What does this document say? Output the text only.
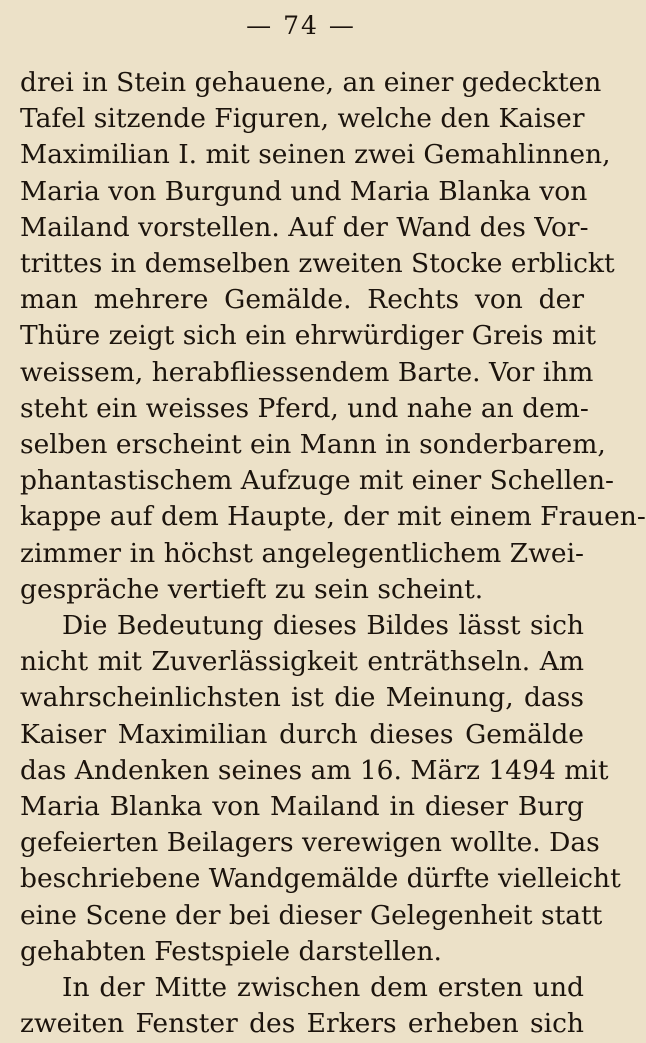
— 74 —
drei in Stein gehauene, an einer gedeckten
Tafel sitzende Figuren, welche den Kaiser
Maximilian I. mit seinen zwei Gemahlinnen,
Maria von Burgund und Maria Blanka von
Mailand vorstellen. Auf der Wand des Vor-
trittes in demselben zweiten Stocke erblickt
man mehrere Gemälde. Rechts von der
Thüre zeigt sich ein ehrwürdiger Greis mit
weissem, herabfliessendem Barte. Vor ihm
steht ein weisses Pferd, und nahe an dem-
selben erscheint ein Mann in sonderbarem,
phantastischem Aufzuge mit einer Schellen-
kappe auf dem Haupte, der mit einem Frauen-
zimmer in höchst angelegentlichem Zwei-
gespräche vertieft zu sein scheint.
Die Bedeutung dieses Bildes lässt sich
nicht mit Zuverlässigkeit enträthseln. Am
wahrscheinlichsten ist die Meinung, dass
Kaiser Maximilian durch dieses Gemälde
das Andenken seines am 16. März 1494 mit
Maria Blanka von Mailand in dieser Burg
gefeierten Beilagers verewigen wollte. Das
beschriebene Wandgemälde dürfte vielleicht
eine Scene der bei dieser Gelegenheit statt
gehabten Festspiele darstellen.
In der Mitte zwischen dem ersten und
zweiten Fenster des Erkers erheben sich
